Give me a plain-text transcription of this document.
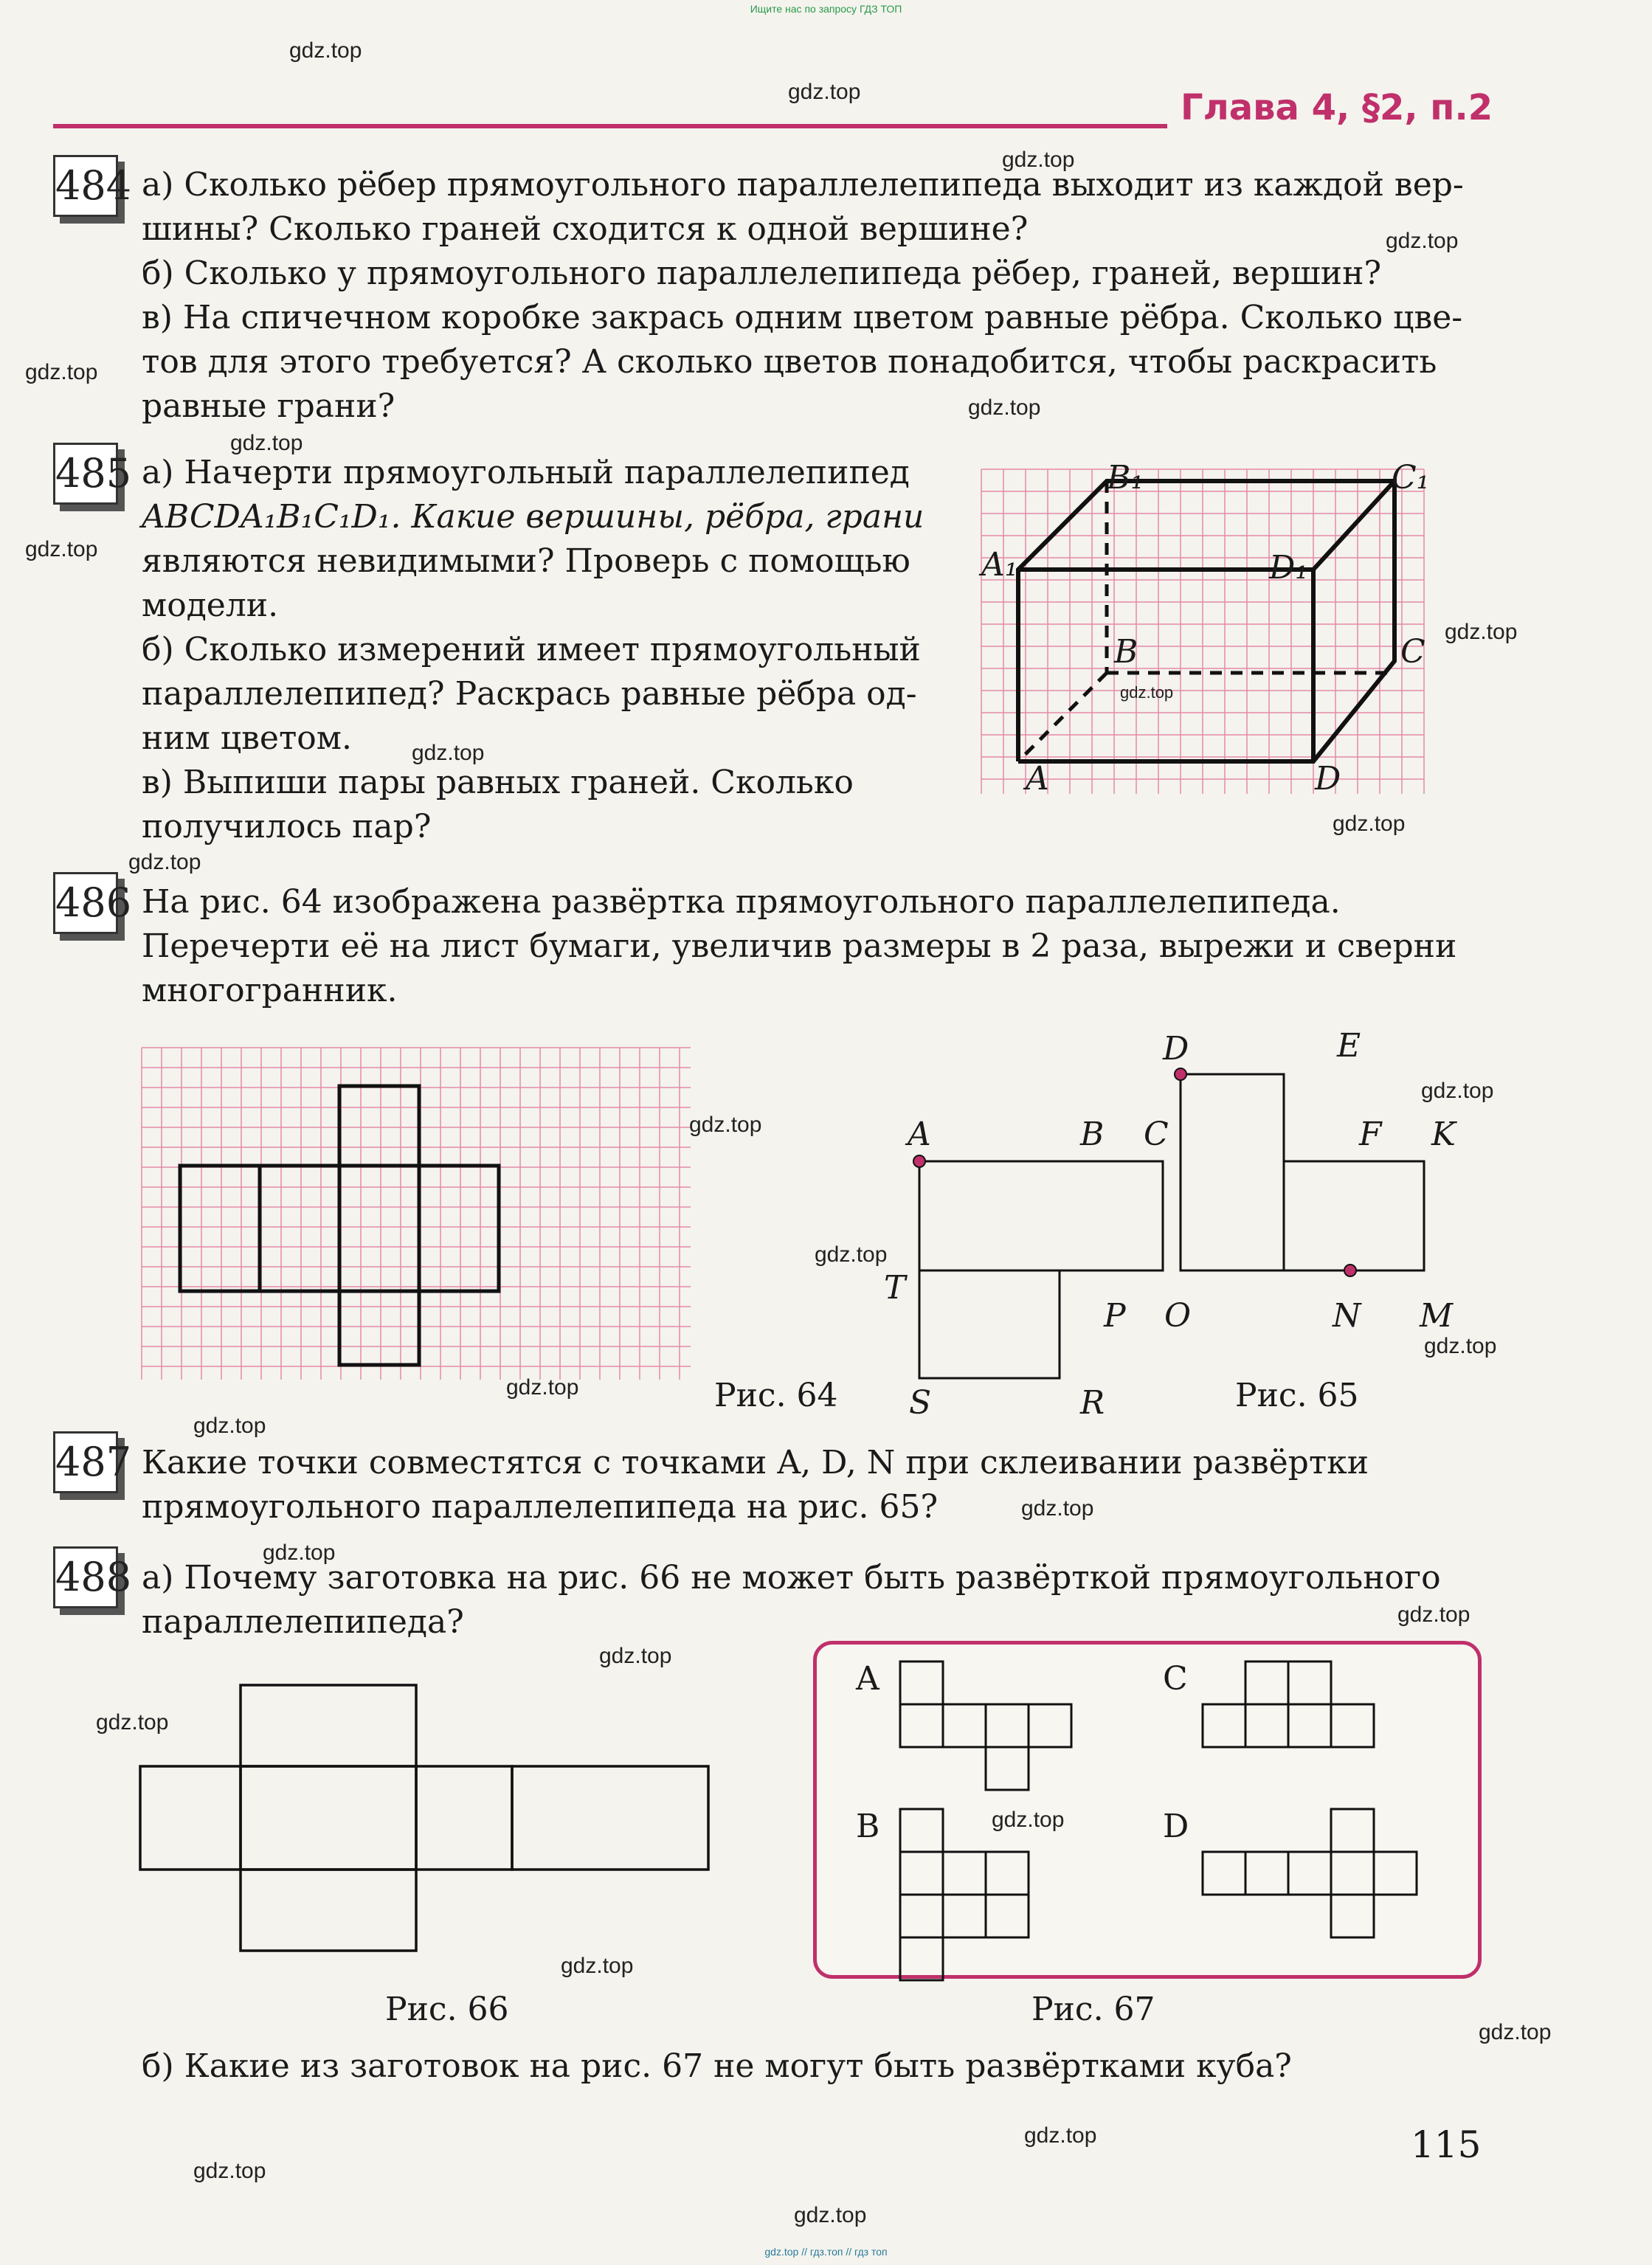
Ищите нас по запросу ГДЗ ТОП
Глава 4, §2, п.2
484 а) Сколько рёбер прямоугольного параллелепипеда выходит из каждой вер-
шины? Сколько граней сходится к одной вершине?
б) Сколько у прямоугольного параллелепипеда рёбер, граней, вершин?
в) На спичечном коробке закрась одним цветом равные рёбра. Сколько цве-
тов для этого требуется? А сколько цветов понадобится, чтобы раскрасить
равные грани?
485 а) Начерти прямоугольный параллелепипед
ABCDA₁B₁C₁D₁. Какие вершины, рёбра, грани
являются невидимыми? Проверь с помощью
модели.
б) Сколько измерений имеет прямоугольный
параллелепипед? Раскрась равные рёбра од-
ним цветом.
в) Выпиши пары равных граней. Сколько
получилось пар?
B₁	C₁
A₁	D₁
B	C
A	D
486 На рис. 64 изображена развёртка прямоугольного параллелепипеда.
Перечерти её на лист бумаги, увеличив размеры в 2 раза, вырежи и сверни
многогранник.
Рис. 64
A	B C
D	E
F K
T
P O	N M
S	R	Рис. 65
487 Какие точки совместятся с точками A, D, N при склеивании развёртки
прямоугольного параллелепипеда на рис. 65?
488 а) Почему заготовка на рис. 66 не может быть развёрткой прямоугольного
параллелепипеда?
Рис. 66
A	C
B	D
Рис. 67
б) Какие из заготовок на рис. 67 не могут быть развёртками куба?
115
gdz.top
gdz.top
gdz.top
gdz.top
gdz.top
gdz.top
gdz.top
gdz.top
gdz.top
gdz.top
gdz.top
gdz.top
gdz.top
gdz.top
gdz.top
gdz.top
gdz.top
gdz.top
gdz.top
gdz.top
gdz.top
gdz.top
gdz.top
gdz.top
gdz.top
gdz.top
gdz.top
gdz.top
gdz.top
gdz.top
gdz.top // гдз.топ // гдз топ
